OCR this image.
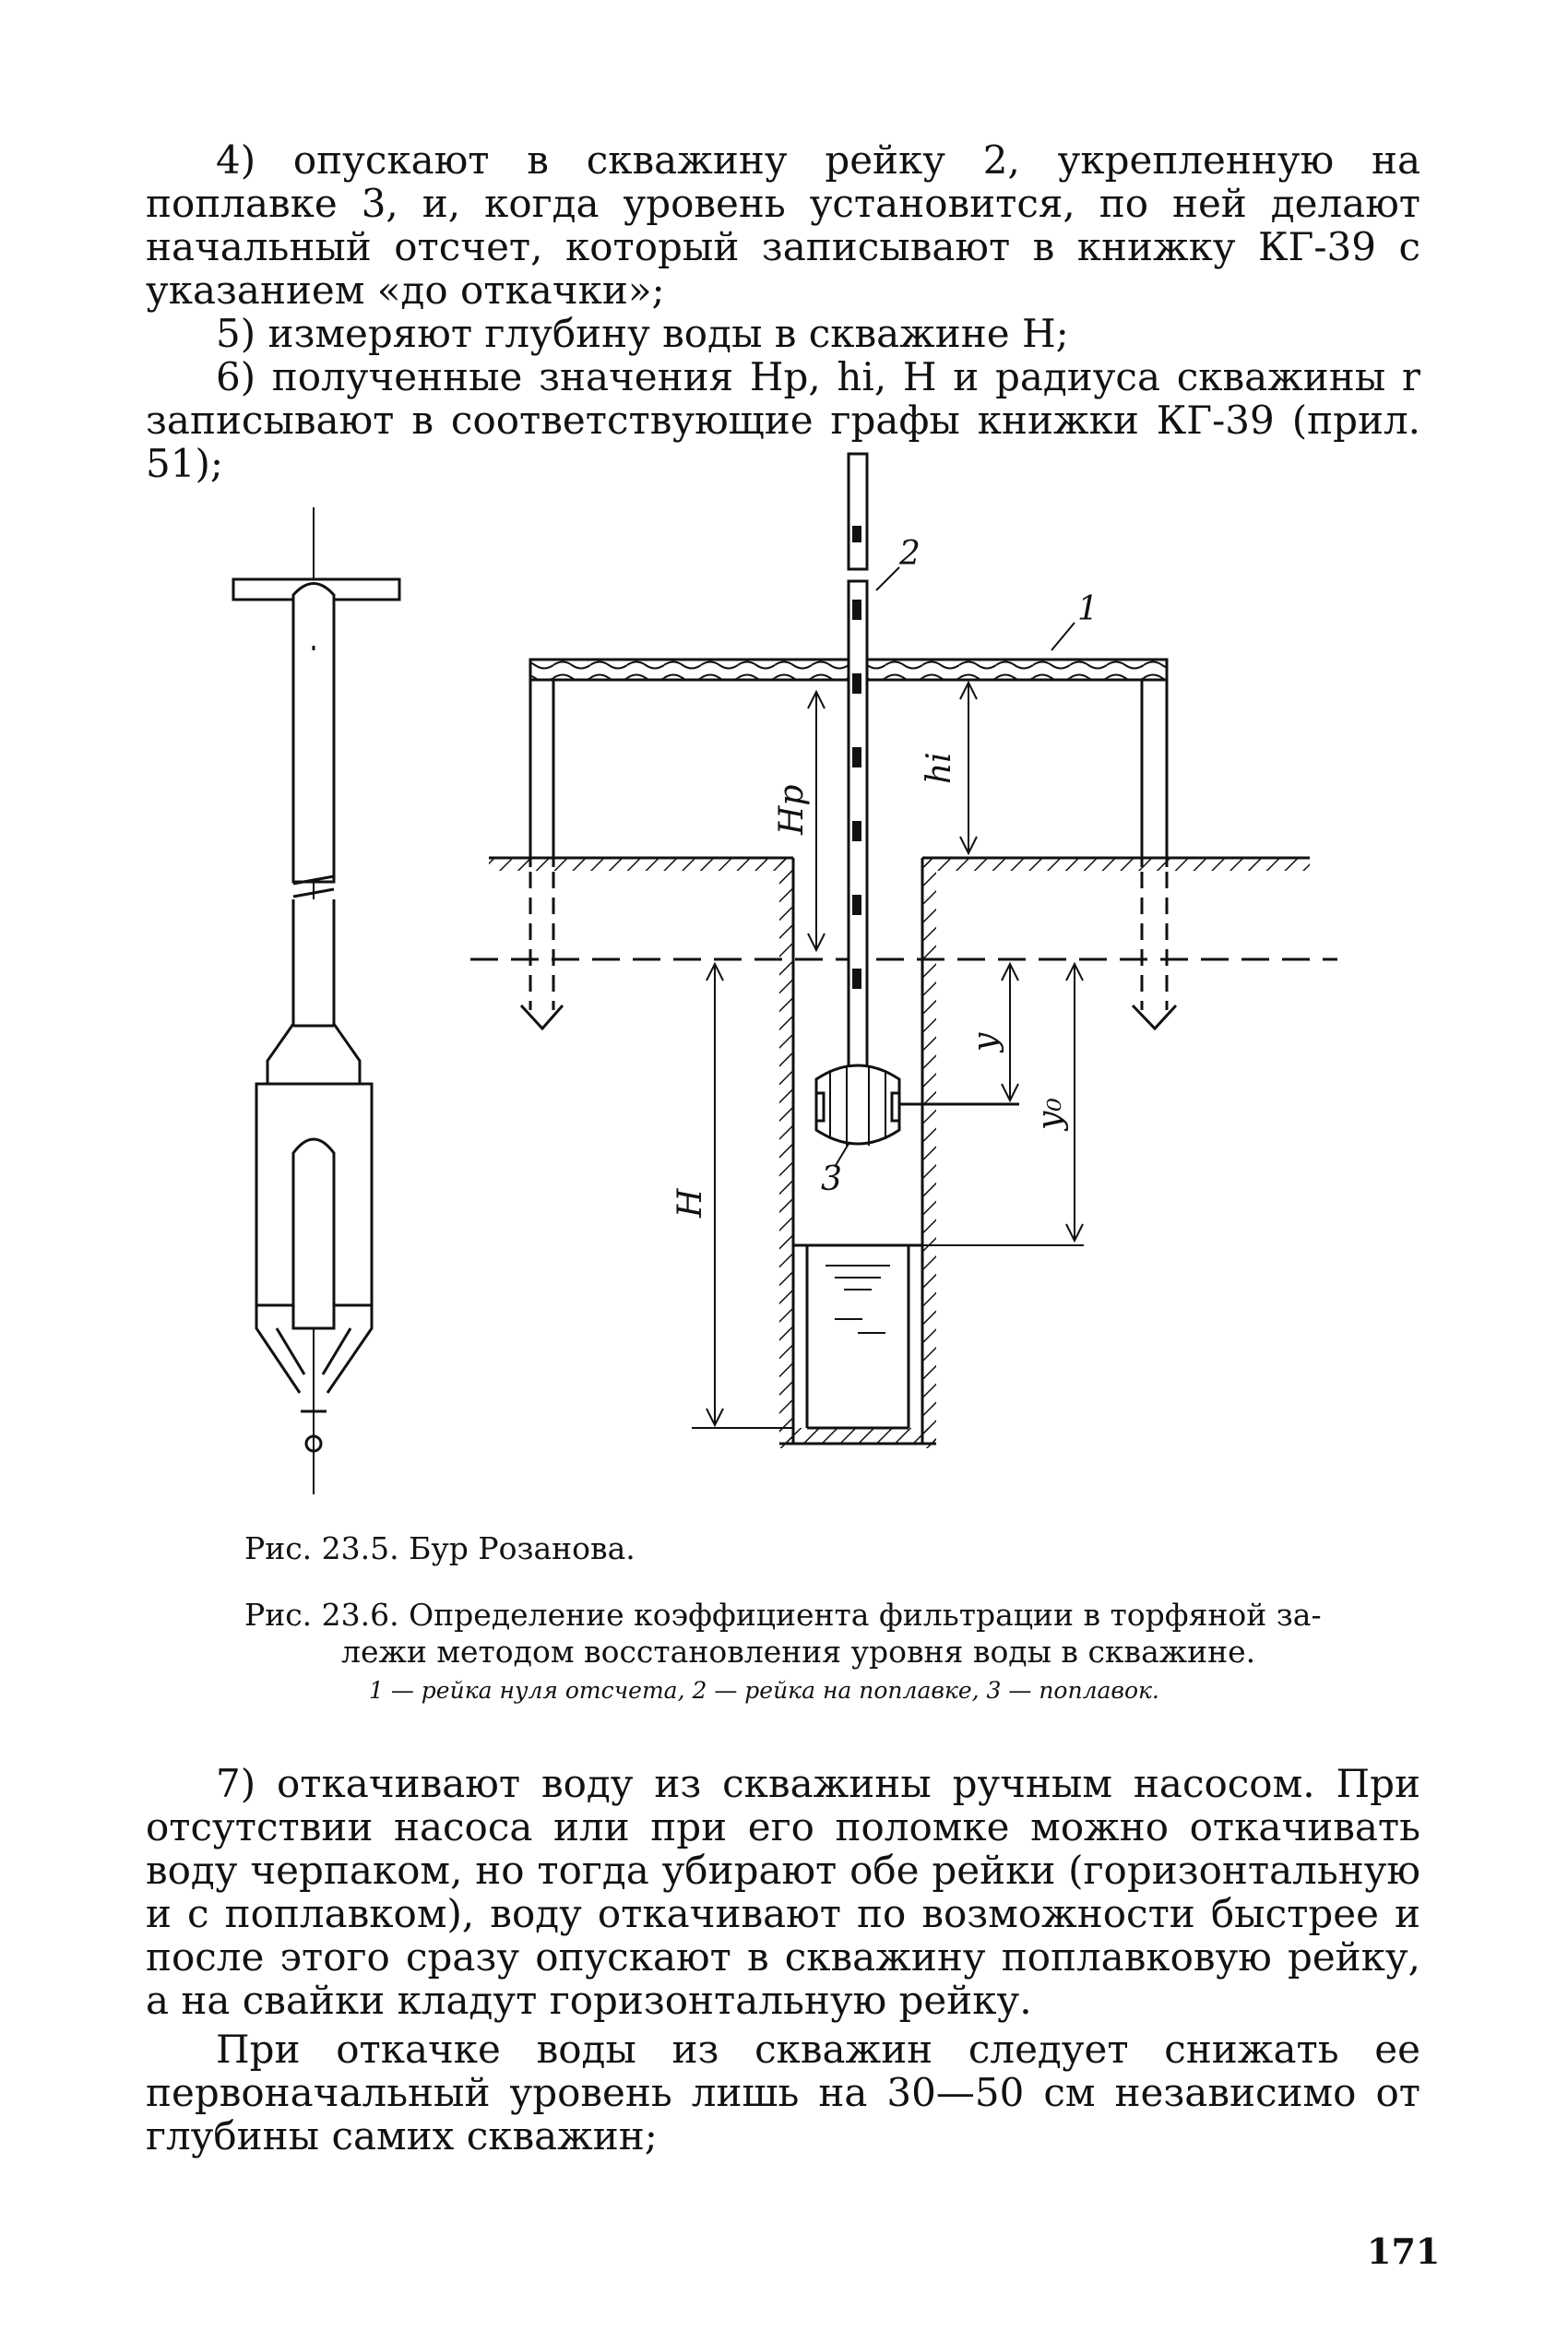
4) опускают в скважину рейку 2, укрепленную на поплавке 3, и, когда уровень установится, по ней делают начальный отсчет, который записывают в книжку КГ-39 с указанием «до откачки»;
5) измеряют глубину воды в скважине H;
6) полученные значения Hp, hi, H и радиуса скважины r записывают в соответствующие графы книжки КГ-39 (прил. 51);
1
2
3
Hp
hi
y
y₀
H
Рис. 23.5. Бур Розанова.
Рис. 23.6. Определение коэффициента фильтрации в торфяной за-
лежи методом восстановления уровня воды в скважине.
1 — рейка нуля отсчета, 2 — рейка на поплавке, 3 — поплавок.
7) откачивают воду из скважины ручным насосом. При отсутствии насоса или при его поломке можно откачивать воду черпаком, но тогда убирают обе рейки (горизонтальную и с поплавком), воду откачивают по возможности быстрее и после этого сразу опускают в скважину поплавковую рейку, а на свайки кладут горизонтальную рейку.
При откачке воды из скважин следует снижать ее первоначальный уровень лишь на 30—50 см независимо от глубины самих скважин;
171
